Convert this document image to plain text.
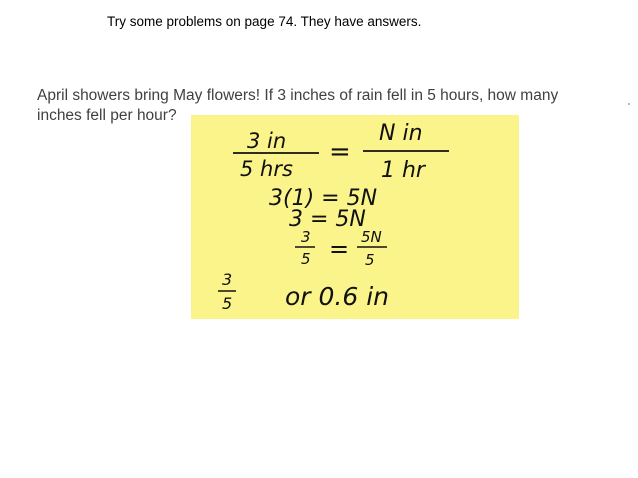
Try some problems on page 74. They have answers.
April showers bring May flowers! If 3 inches of rain fell in 5 hours, how many inches fell per hour?
3 in
5 hrs
=
N in
1 hr
3(1) = 5N
3 = 5N
3
5 = 5N
5
3
5 or 0.6 in
